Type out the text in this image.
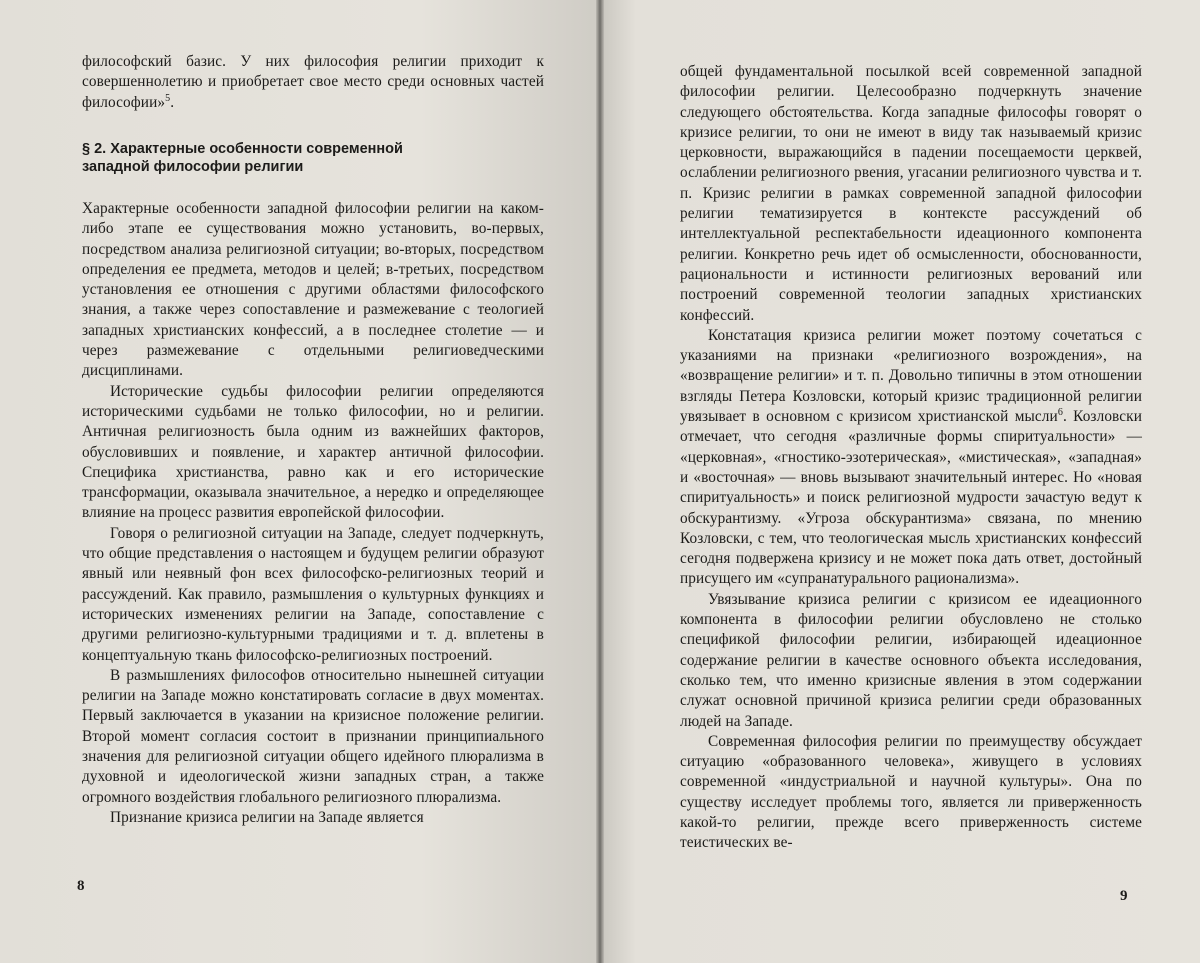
философский базис. У них философия религии приходит к совершеннолетию и приобретает свое место среди основных частей философии»$^5$.

§ 2. Характерные особенности современной
западной философии религии

Характерные особенности западной философии религии на каком-либо этапе ее существования можно установить, во-первых, посредством анализа религиозной ситуации; во-вторых, посредством определения ее предмета, методов и целей; в-третьих, посредством установления ее отношения с другими областями философского знания, а также через сопоставление и размежевание с теологией западных христианских конфессий, а в последнее столетие — и через размежевание с отдельными религиоведческими дисциплинами.

Исторические судьбы философии религии определяются историческими судьбами не только философии, но и религии. Античная религиозность была одним из важнейших факторов, обусловивших и появление, и характер античной философии. Специфика христианства, равно как и его исторические трансформации, оказывала значительное, а нередко и определяющее влияние на процесс развития европейской философии.

Говоря о религиозной ситуации на Западе, следует подчеркнуть, что общие представления о настоящем и будущем религии образуют явный или неявный фон всех философско-религиозных теорий и рассуждений. Как правило, размышления о культурных функциях и исторических изменениях религии на Западе, сопоставление с другими религиозно-культурными традициями и т. д. вплетены в концептуальную ткань философско-религиозных построений.

В размышлениях философов относительно нынешней ситуации религии на Западе можно констатировать согласие в двух моментах. Первый заключается в указании на кризисное положение религии. Второй момент согласия состоит в признании принципиального значения для религиозной ситуации общего идейного плюрализма в духовной и идеологической жизни западных стран, а также огромного воздействия глобального религиозного плюрализма.

Признание кризиса религии на Западе является

8

общей фундаментальной посылкой всей современной западной философии религии. Целесообразно подчеркнуть значение следующего обстоятельства. Когда западные философы говорят о кризисе религии, то они не имеют в виду так называемый кризис церковности, выражающийся в падении посещаемости церквей, ослаблении религиозного рвения, угасании религиозного чувства и т. п. Кризис религии в рамках современной западной философии религии тематизируется в контексте рассуждений об интеллектуальной респектабельности идеационного компонента религии. Конкретно речь идет об осмысленности, обоснованности, рациональности и истинности религиозных верований или построений современной теологии западных христианских конфессий.

Констатация кризиса религии может поэтому сочетаться с указаниями на признаки «религиозного возрождения», на «возвращение религии» и т. п. Довольно типичны в этом отношении взгляды Петера Козловски, который кризис традиционной религии увязывает в основном с кризисом христианской мысли$^6$. Козловски отмечает, что сегодня «различные формы спиритуальности» — «церковная», «гностико-эзотерическая», «мистическая», «западная» и «восточная» — вновь вызывают значительный интерес. Но «новая спиритуальность» и поиск религиозной мудрости зачастую ведут к обскурантизму. «Угроза обскурантизма» связана, по мнению Козловски, с тем, что теологическая мысль христианских конфессий сегодня подвержена кризису и не может пока дать ответ, достойный присущего им «супранатурального рационализма».

Увязывание кризиса религии с кризисом ее идеационного компонента в философии религии обусловлено не столько спецификой философии религии, избирающей идеационное содержание религии в качестве основного объекта исследования, сколько тем, что именно кризисные явления в этом содержании служат основной причиной кризиса религии среди образованных людей на Западе.

Современная философия религии по преимуществу обсуждает ситуацию «образованного человека», живущего в условиях современной «индустриальной и научной культуры». Она по существу исследует проблемы того, является ли приверженность какой-то религии, прежде всего приверженность системе теистических ве-

9
